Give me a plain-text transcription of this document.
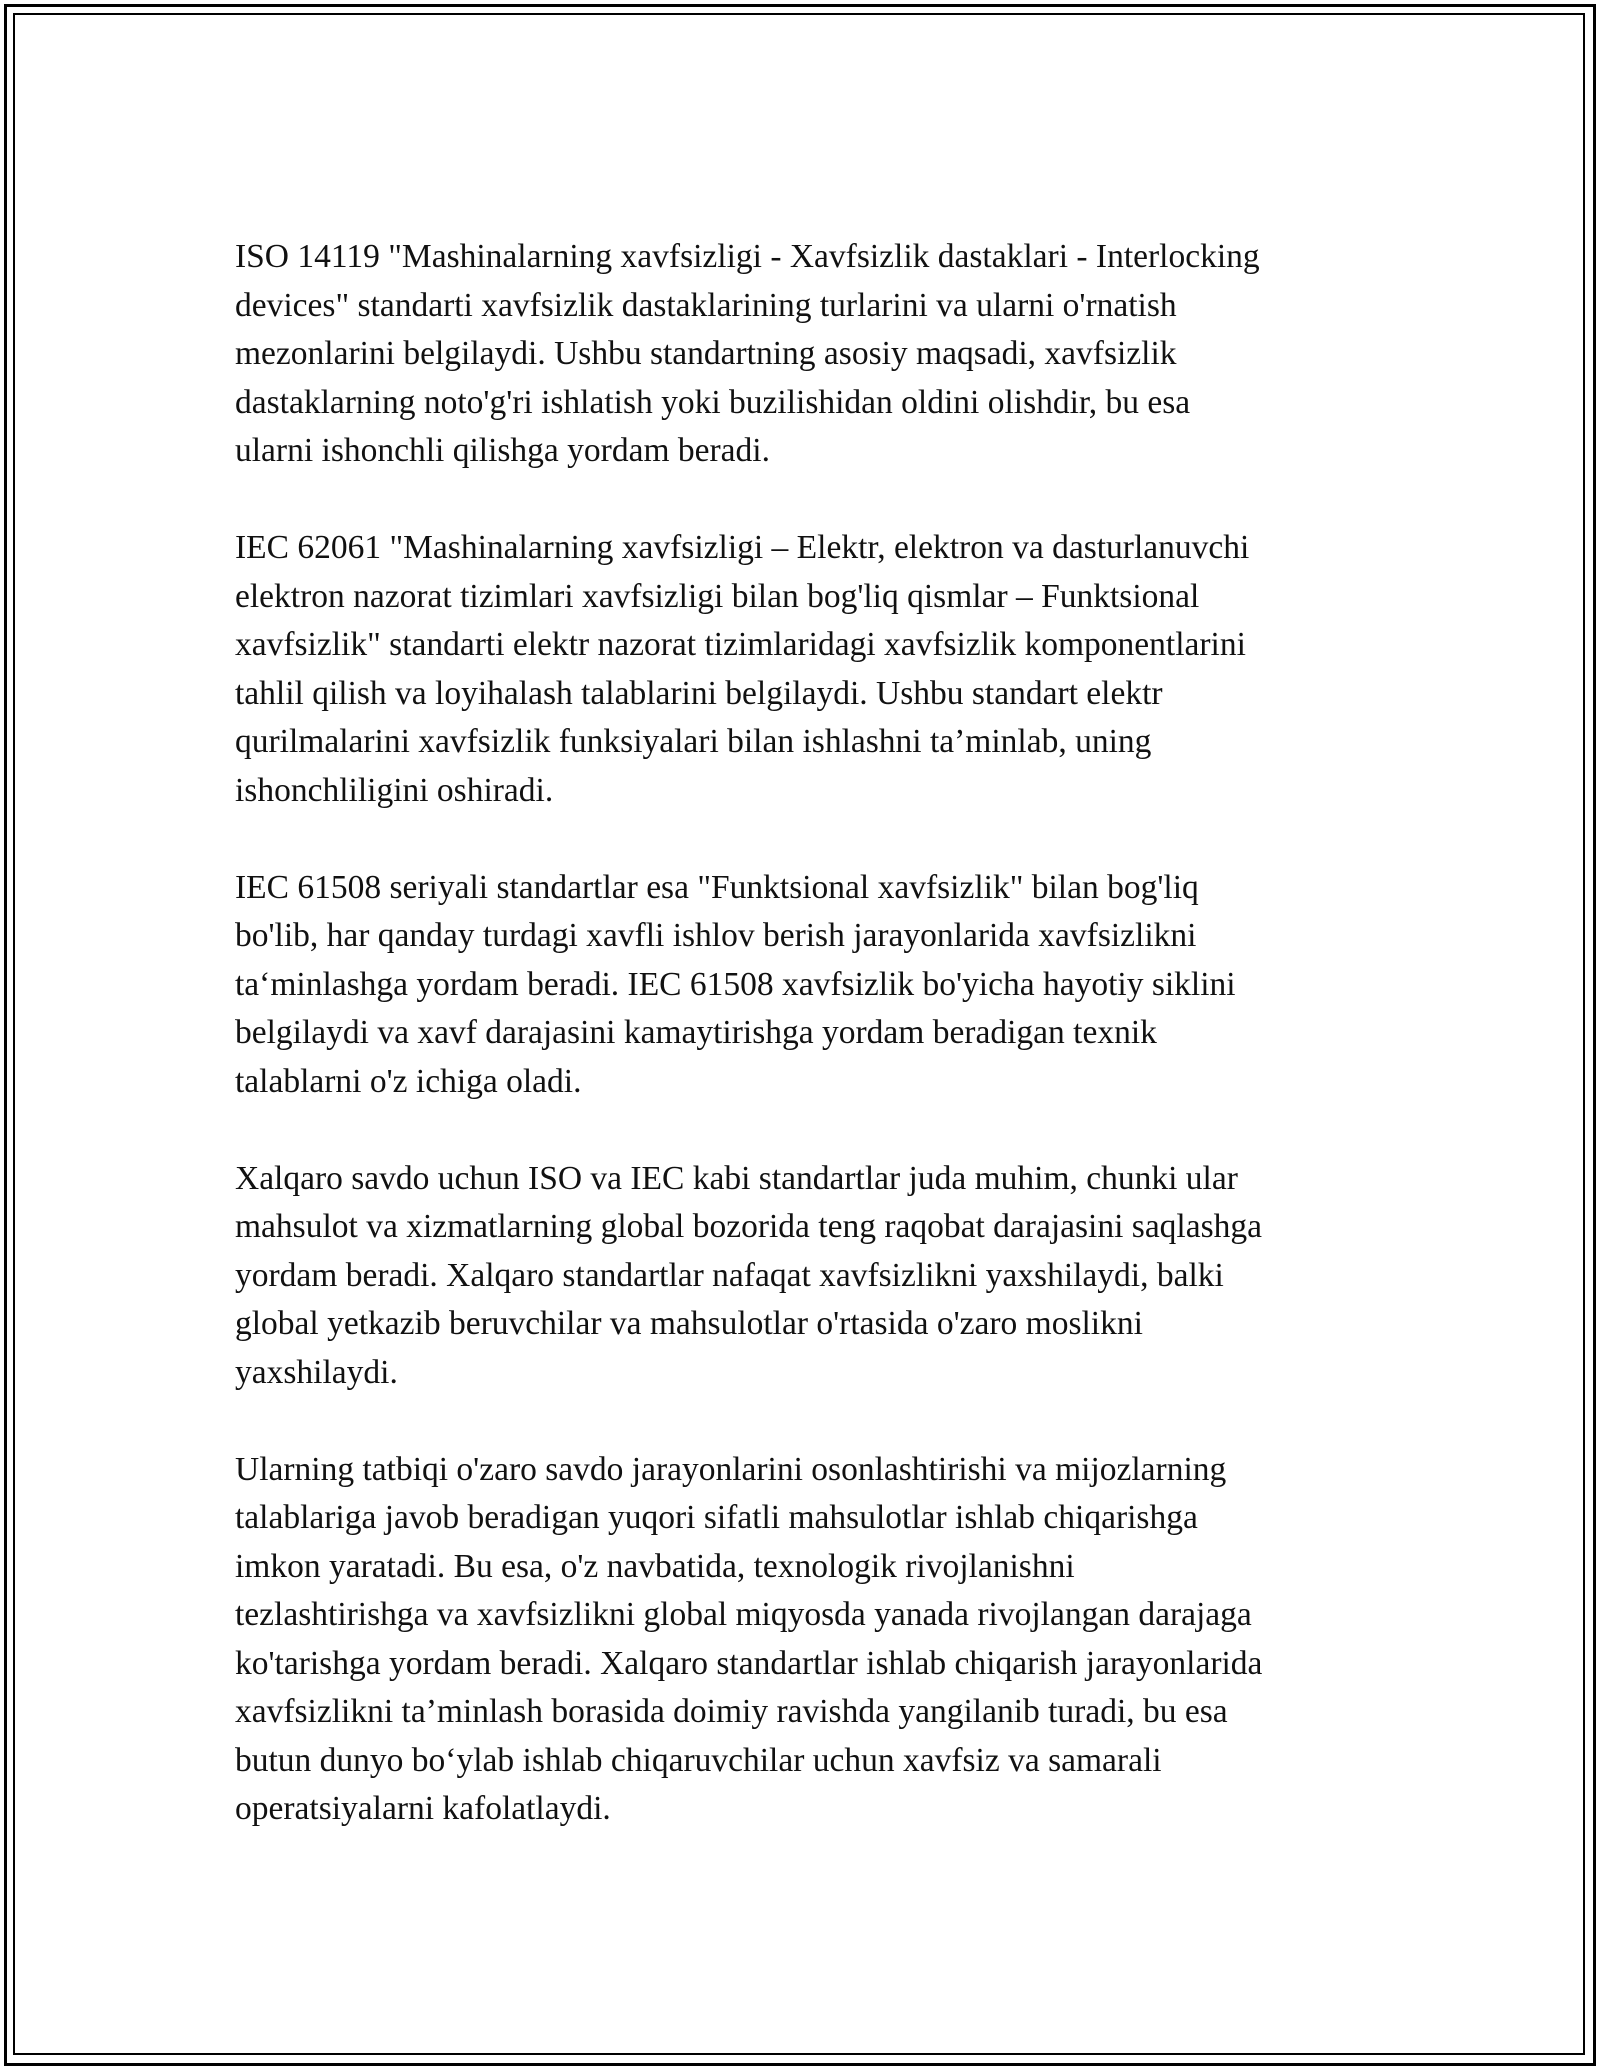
ISO 14119 "Mashinalarning xavfsizligi - Xavfsizlik dastaklari - Interlocking
devices" standarti xavfsizlik dastaklarining turlarini va ularni o'rnatish
mezonlarini belgilaydi. Ushbu standartning asosiy maqsadi, xavfsizlik
dastaklarning noto'g'ri ishlatish yoki buzilishidan oldini olishdir, bu esa
ularni ishonchli qilishga yordam beradi.

IEC 62061 "Mashinalarning xavfsizligi – Elektr, elektron va dasturlanuvchi
elektron nazorat tizimlari xavfsizligi bilan bog'liq qismlar – Funktsional
xavfsizlik" standarti elektr nazorat tizimlaridagi xavfsizlik komponentlarini
tahlil qilish va loyihalash talablarini belgilaydi. Ushbu standart elektr
qurilmalarini xavfsizlik funksiyalari bilan ishlashni ta’minlab, uning
ishonchliligini oshiradi.

IEC 61508 seriyali standartlar esa "Funktsional xavfsizlik" bilan bog'liq
bo'lib, har qanday turdagi xavfli ishlov berish jarayonlarida xavfsizlikni
ta‘minlashga yordam beradi. IEC 61508 xavfsizlik bo'yicha hayotiy siklini
belgilaydi va xavf darajasini kamaytirishga yordam beradigan texnik
talablarni o'z ichiga oladi.

Xalqaro savdo uchun ISO va IEC kabi standartlar juda muhim, chunki ular
mahsulot va xizmatlarning global bozorida teng raqobat darajasini saqlashga
yordam beradi. Xalqaro standartlar nafaqat xavfsizlikni yaxshilaydi, balki
global yetkazib beruvchilar va mahsulotlar o'rtasida o'zaro moslikni
yaxshilaydi.

Ularning tatbiqi o'zaro savdo jarayonlarini osonlashtirishi va mijozlarning
talablariga javob beradigan yuqori sifatli mahsulotlar ishlab chiqarishga
imkon yaratadi. Bu esa, o'z navbatida, texnologik rivojlanishni
tezlashtirishga va xavfsizlikni global miqyosda yanada rivojlangan darajaga
ko'tarishga yordam beradi. Xalqaro standartlar ishlab chiqarish jarayonlarida
xavfsizlikni ta’minlash borasida doimiy ravishda yangilanib turadi, bu esa
butun dunyo bo‘ylab ishlab chiqaruvchilar uchun xavfsiz va samarali
operatsiyalarni kafolatlaydi.
